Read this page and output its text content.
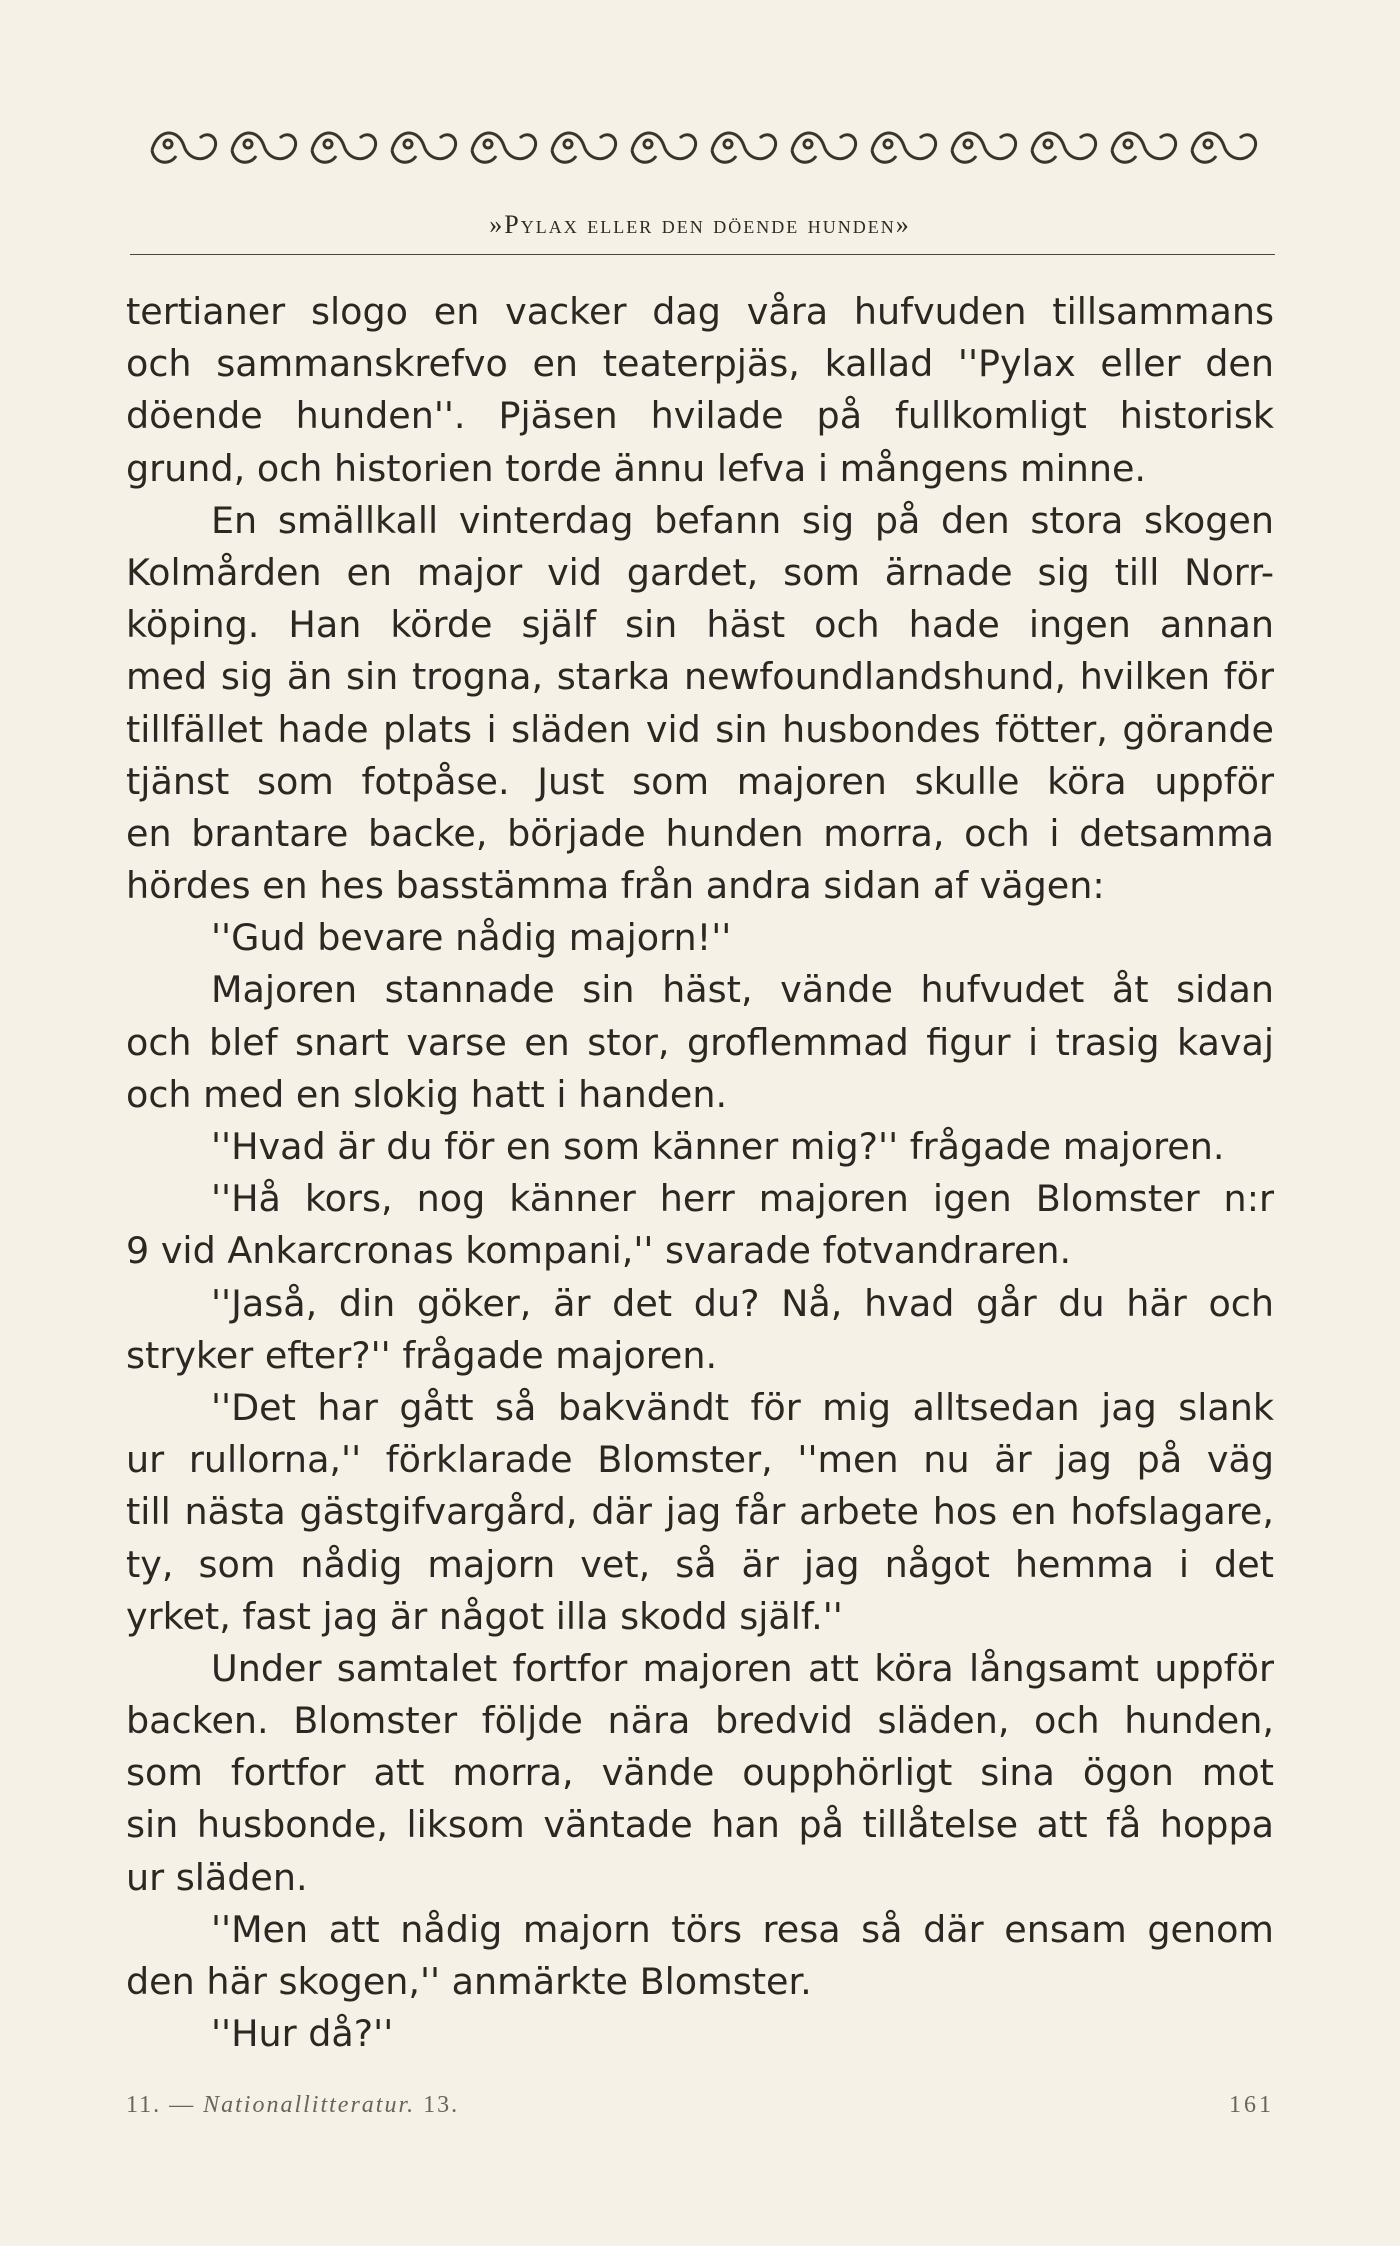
»Pylax eller den döende hunden»
tertianer slogo en vacker dag våra hufvuden tillsammans
och sammanskrefvo en teaterpjäs, kallad ''Pylax eller den
döende hunden''. Pjäsen hvilade på fullkomligt historisk
grund, och historien torde ännu lefva i mångens minne.
En smällkall vinterdag befann sig på den stora skogen
Kolmården en major vid gardet, som ärnade sig till Norr-
köping. Han körde själf sin häst och hade ingen annan
med sig än sin trogna, starka newfoundlandshund, hvilken för
tillfället hade plats i släden vid sin husbondes fötter, görande
tjänst som fotpåse. Just som majoren skulle köra uppför
en brantare backe, började hunden morra, och i detsamma
hördes en hes basstämma från andra sidan af vägen:
''Gud bevare nådig majorn!''
Majoren stannade sin häst, vände hufvudet åt sidan
och blef snart varse en stor, groflemmad figur i trasig kavaj
och med en slokig hatt i handen.
''Hvad är du för en som känner mig?'' frågade majoren.
''Hå kors, nog känner herr majoren igen Blomster n:r
9 vid Ankarcronas kompani,'' svarade fotvandraren.
''Jaså, din göker, är det du? Nå, hvad går du här och
stryker efter?'' frågade majoren.
''Det har gått så bakvändt för mig alltsedan jag slank
ur rullorna,'' förklarade Blomster, ''men nu är jag på väg
till nästa gästgifvargård, där jag får arbete hos en hofslagare,
ty, som nådig majorn vet, så är jag något hemma i det
yrket, fast jag är något illa skodd själf.''
Under samtalet fortfor majoren att köra långsamt uppför
backen. Blomster följde nära bredvid släden, och hunden,
som fortfor att morra, vände oupphörligt sina ögon mot
sin husbonde, liksom väntade han på tillåtelse att få hoppa
ur släden.
''Men att nådig majorn törs resa så där ensam genom
den här skogen,'' anmärkte Blomster.
''Hur då?''
11. — Nationallitteratur. 13.	161
